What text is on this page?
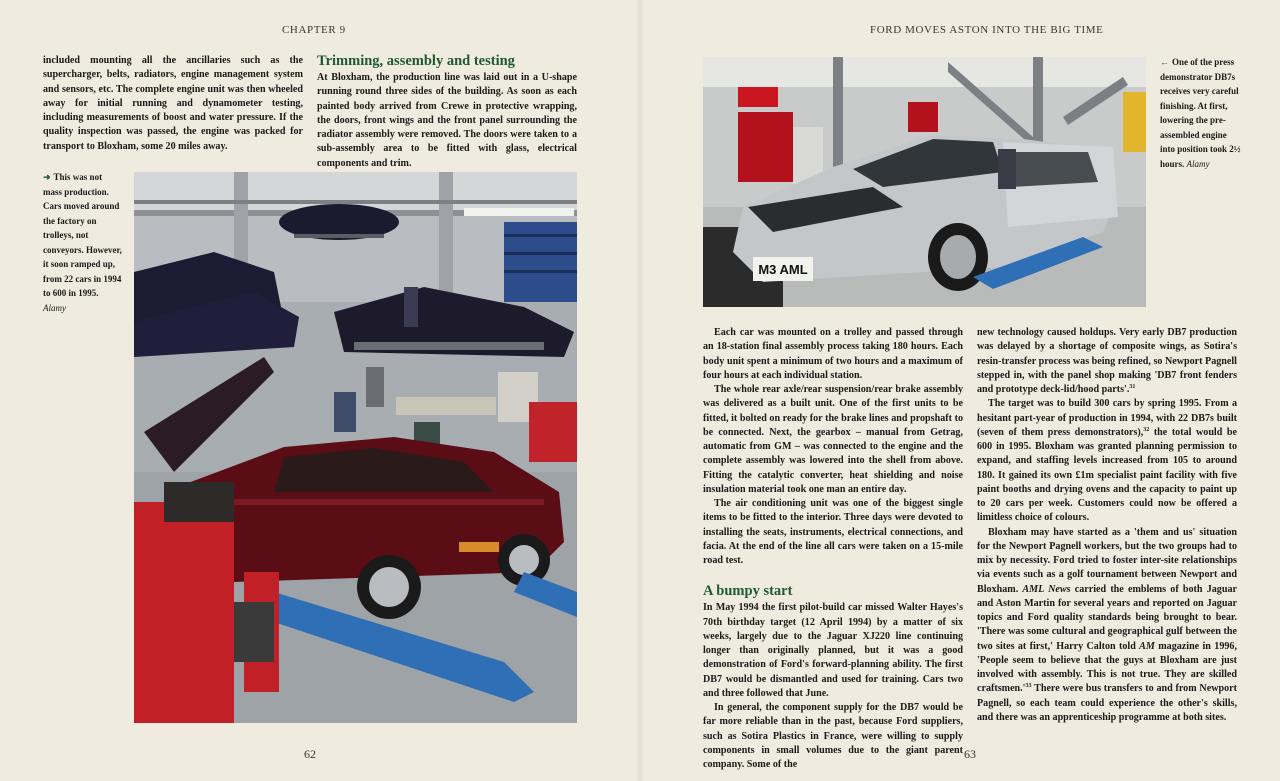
CHAPTER 9

included mounting all the ancillaries such as the supercharger, belts, radiators, engine management system and sensors, etc. The complete engine unit was then wheeled away for initial running and dynamometer testing, including measurements of boost and water pressure. If the quality inspection was passed, the engine was packed for transport to Bloxham, some 20 miles away.

Trimming, assembly and testing

At Bloxham, the production line was laid out in a U-shape running round three sides of the building. As soon as each painted body arrived from Crewe in protective wrapping, the doors, front wings and the front panel surrounding the radiator assembly were removed. The doors were taken to a sub-assembly area to be fitted with glass, electrical components and trim.

➜ This was not mass production. Cars moved around the factory on trolleys, not conveyors. However, it soon ramped up, from 22 cars in 1994 to 600 in 1995.
Alamy
62
FORD MOVES ASTON INTO THE BIG TIME
M3 AML
← One of the press demonstrator DB7s receives very careful finishing. At first, lowering the pre-assembled engine into position took 2½ hours. Alamy

Each car was mounted on a trolley and passed through an 18-station final assembly process taking 180 hours. Each body unit spent a minimum of two hours and a maximum of four hours at each individual station.

The whole rear axle/rear suspension/rear brake assembly was delivered as a built unit. One of the first units to be fitted, it bolted on ready for the brake lines and propshaft to be connected. Next, the gearbox – manual from Getrag, automatic from GM – was connected to the engine and the complete assembly was lowered into the shell from above. Fitting the catalytic converter, heat shielding and noise insulation material took one man an entire day.

The air conditioning unit was one of the biggest single items to be fitted to the interior. Three days were devoted to installing the seats, instruments, electrical connections, and facia. At the end of the line all cars were taken on a 15-mile road test.

A bumpy start

In May 1994 the first pilot-build car missed Walter Hayes's 70th birthday target (12 April 1994) by a matter of six weeks, largely due to the Jaguar XJ220 line continuing longer than originally planned, but it was a good demonstration of Ford's forward-planning ability. The first DB7 would be dismantled and used for training. Cars two and three followed that June.

In general, the component supply for the DB7 would be far more reliable than in the past, because Ford suppliers, such as Sotira Plastics in France, were willing to supply components in small volumes due to the giant parent company. Some of the

new technology caused holdups. Very early DB7 production was delayed by a shortage of composite wings, as Sotira's resin-transfer process was being refined, so Newport Pagnell stepped in, with the panel shop making 'DB7 front fenders and prototype deck-lid/hood parts'.$^{31}$

The target was to build 300 cars by spring 1995. From a hesitant part-year of production in 1994, with 22 DB7s built (seven of them press demonstrators),$^{32}$ the total would be 600 in 1995. Bloxham was granted planning permission to expand, and staffing levels increased from 105 to around 180. It gained its own £1m specialist paint facility with five paint booths and drying ovens and the capacity to paint up to 20 cars per week. Customers could now be offered a limitless choice of colours.

Bloxham may have started as a 'them and us' situation for the Newport Pagnell workers, but the two groups had to mix by necessity. Ford tried to foster inter-site relationships via events such as a golf tournament between Newport and Bloxham. AML News carried the emblems of both Jaguar and Aston Martin for several years and reported on Jaguar topics and Ford quality standards being brought to bear. 'There was some cultural and geographical gulf between the two sites at first,' Harry Calton told AM magazine in 1996, 'People seem to believe that the guys at Bloxham are just involved with assembly. This is not true. They are skilled $craftsmen.'^{33}$ There were bus transfers to and from Newport Pagnell, so each team could experience the other's skills, and there was an apprenticeship programme at both sites.

63
